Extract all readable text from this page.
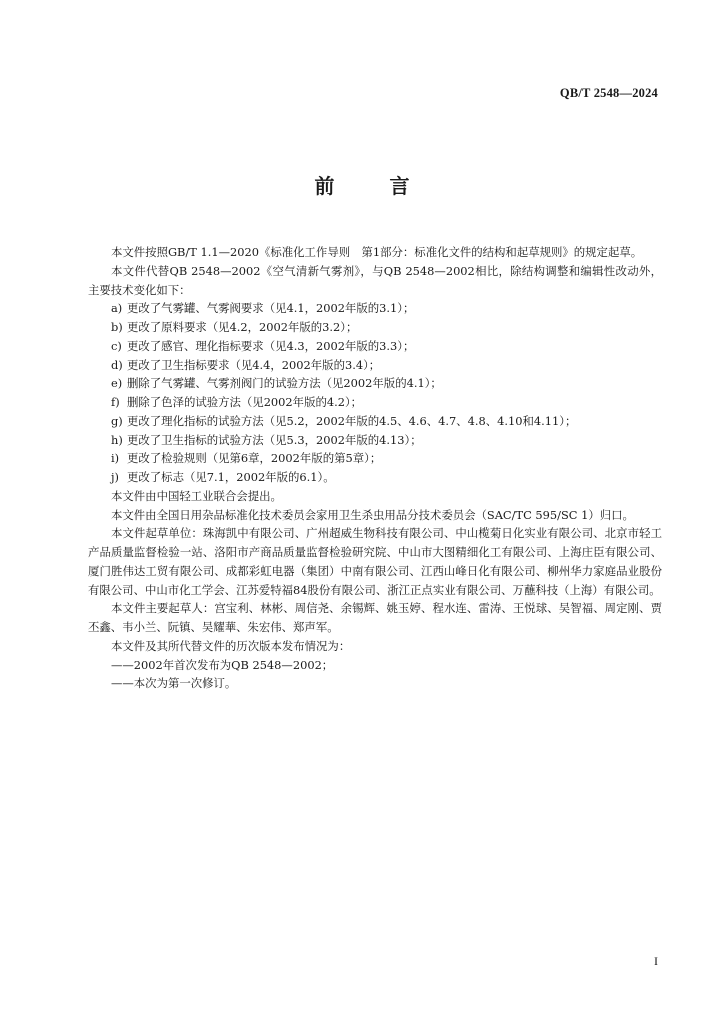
QB/T 2548—2024
前 言

本文件按照GB/T 1.1—2020《标准化工作导则　第1部分：标准化文件的结构和起草规则》的规定起草。

本文件代替QB 2548—2002《空气清新气雾剂》，与QB 2548—2002相比，除结构调整和编辑性改动外，主要技术变化如下：

a) 更改了气雾罐、气雾阀要求（见4.1，2002年版的3.1）；
b) 更改了原料要求（见4.2，2002年版的3.2）；
c) 更改了感官、理化指标要求（见4.3，2002年版的3.3）；
d) 更改了卫生指标要求（见4.4，2002年版的3.4）；
e) 删除了气雾罐、气雾剂阀门的试验方法（见2002年版的4.1）；
f) 删除了色泽的试验方法（见2002年版的4.2）；
g) 更改了理化指标的试验方法（见5.2，2002年版的4.5、4.6、4.7、4.8、4.10和4.11）；
h) 更改了卫生指标的试验方法（见5.3，2002年版的4.13）；
i) 更改了检验规则（见第6章，2002年版的第5章）；
j) 更改了标志（见7.1，2002年版的6.1）。

本文件由中国轻工业联合会提出。

本文件由全国日用杂品标准化技术委员会家用卫生杀虫用品分技术委员会（SAC/TC 595/SC 1）归口。

本文件起草单位：珠海凯中有限公司、广州超威生物科技有限公司、中山榄菊日化实业有限公司、北京市轻工产品质量监督检验一站、洛阳市产商品质量监督检验研究院、中山市大图精细化工有限公司、上海庄臣有限公司、厦门胜伟达工贸有限公司、成都彩虹电器（集团）中南有限公司、江西山峰日化有限公司、柳州华力家庭品业股份有限公司、中山市化工学会、江苏爱特福84股份有限公司、浙江正点实业有限公司、万蘸科技（上海）有限公司。

本文件主要起草人：宫宝利、林彬、周信尧、余锡辉、姚玉婷、程水连、雷涛、王悦球、吴智福、周定刚、贾丕鑫、韦小兰、阮镇、吴耀華、朱宏伟、郑声军。

本文件及其所代替文件的历次版本发布情况为：

——2002年首次发布为QB 2548—2002；

——本次为第一次修订。

I
